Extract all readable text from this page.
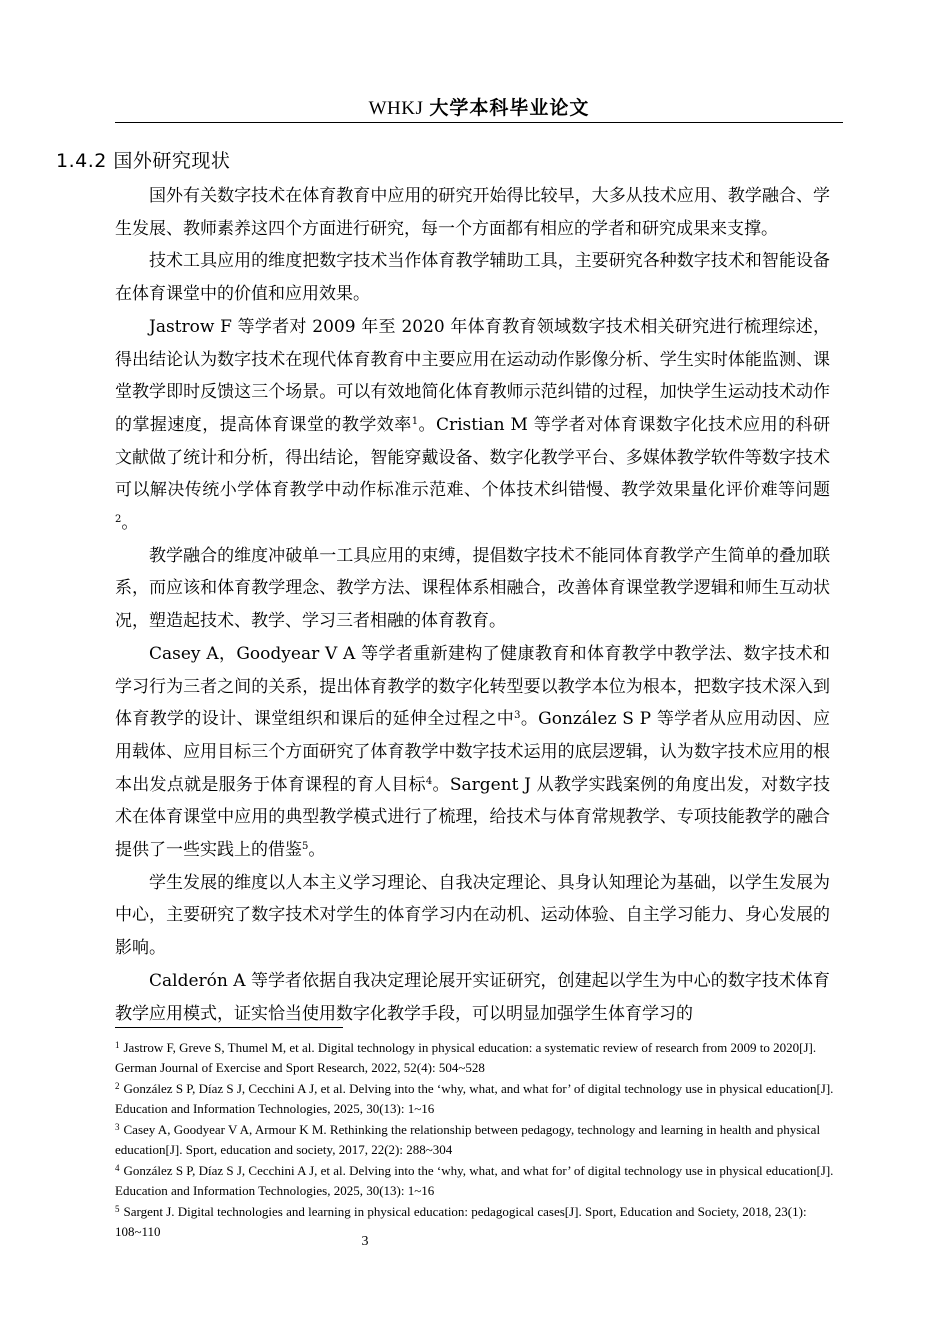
WHKJ 大学本科毕业论文
1.4.2 国外研究现状

国外有关数字技术在体育教育中应用的研究开始得比较早，大多从技术应用、教学融合、学生发展、教师素养这四个方面进行研究，每一个方面都有相应的学者和研究成果来支撑。

技术工具应用的维度把数字技术当作体育教学辅助工具，主要研究各种数字技术和智能设备在体育课堂中的价值和应用效果。

Jastrow F 等学者对 2009 年至 2020 年体育教育领域数字技术相关研究进行梳理综述，得出结论认为数字技术在现代体育教育中主要应用在运动动作影像分析、学生实时体能监测、课堂教学即时反馈这三个场景。可以有效地简化体育教师示范纠错的过程，加快学生运动技术动作的掌握速度，提高体育课堂的教学效率$^1$。Cristian M 等学者对体育课数字化技术应用的科研文献做了统计和分析，得出结论，智能穿戴设备、数字化教学平台、多媒体教学软件等数字技术可以解决传统小学体育教学中动作标准示范难、个体技术纠错慢、教学效果量化评价难等问题$^2$。

教学融合的维度冲破单一工具应用的束缚，提倡数字技术不能同体育教学产生简单的叠加联系，而应该和体育教学理念、教学方法、课程体系相融合，改善体育课堂教学逻辑和师生互动状况，塑造起技术、教学、学习三者相融的体育教育。

Casey A，Goodyear V A 等学者重新建构了健康教育和体育教学中教学法、数字技术和学习行为三者之间的关系，提出体育教学的数字化转型要以教学本位为根本，把数字技术深入到体育教学的设计、课堂组织和课后的延伸全过程之中$^3$。González S P 等学者从应用动因、应用载体、应用目标三个方面研究了体育教学中数字技术运用的底层逻辑，认为数字技术应用的根本出发点就是服务于体育课程的育人目标$^4$。Sargent J 从教学实践案例的角度出发，对数字技术在体育课堂中应用的典型教学模式进行了梳理，给技术与体育常规教学、专项技能教学的融合提供了一些实践上的借鉴$^5$。

学生发展的维度以人本主义学习理论、自我决定理论、具身认知理论为基础，以学生发展为中心，主要研究了数字技术对学生的体育学习内在动机、运动体验、自主学习能力、身心发展的影响。

Calderón A 等学者依据自我决定理论展开实证研究，创建起以学生为中心的数字技术体育教学应用模式，证实恰当使用数字化教学手段，可以明显加强学生体育学习的

$^1$ Jastrow F, Greve S, Thumel M, et al. Digital technology in physical education: a systematic review of research from 2009 to 2020[J]. German Journal of Exercise and Sport Research, 2022, 52(4): 504~528

$^2$ González S P, Díaz S J, Cecchini A J, et al. Delving into the ‘why, what, and what for’ of digital technology use in physical education[J]. Education and Information Technologies, 2025, 30(13): 1~16

$^3$ Casey A, Goodyear V A, Armour K M. Rethinking the relationship between pedagogy, technology and learning in health and physical education[J]. Sport, education and society, 2017, 22(2): 288~304

$^4$ González S P, Díaz S J, Cecchini A J, et al. Delving into the ‘why, what, and what for’ of digital technology use in physical education[J]. Education and Information Technologies, 2025, 30(13): 1~16

$^5$ Sargent J. Digital technologies and learning in physical education: pedagogical cases[J]. Sport, Education and Society, 2018, 23(1): 108~110

3
